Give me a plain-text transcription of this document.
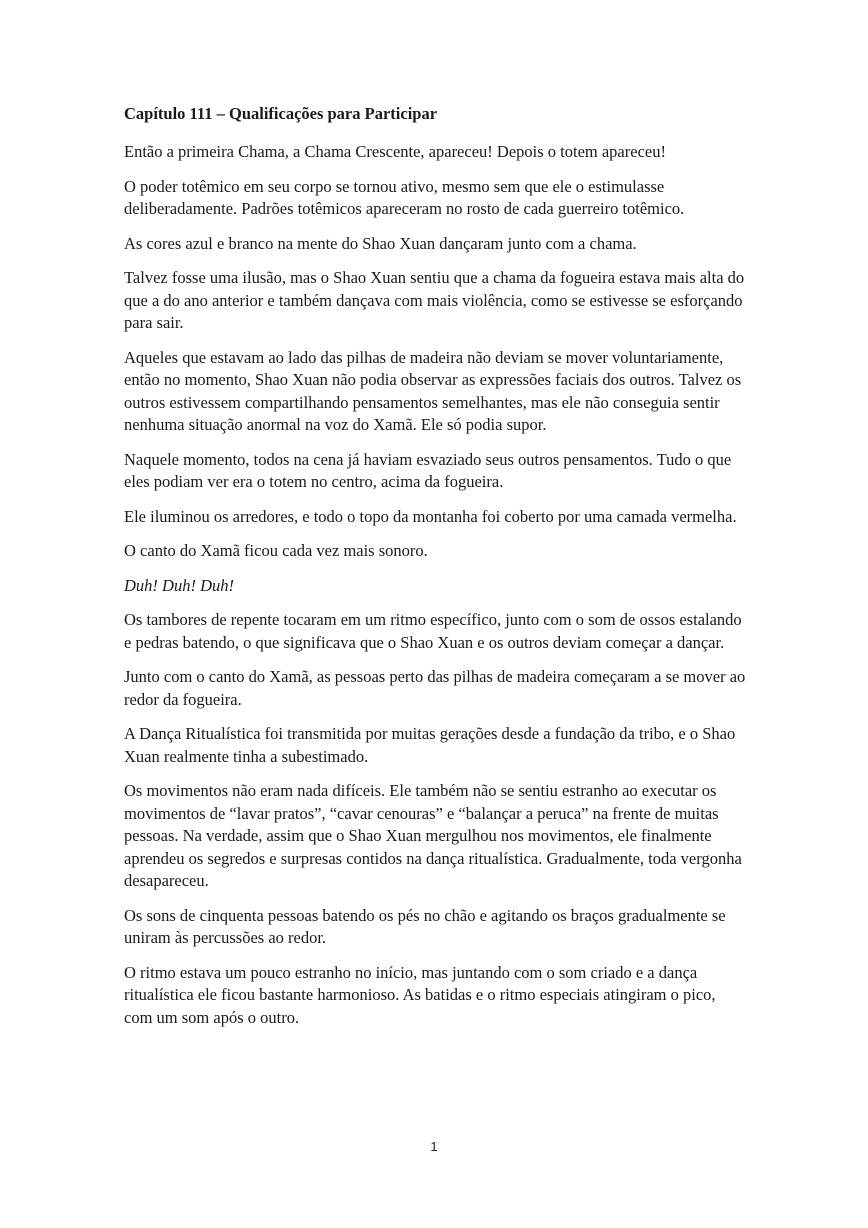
Capítulo 111 – Qualificações para Participar

Então a primeira Chama, a Chama Crescente, apareceu! Depois o totem apareceu!

O poder totêmico em seu corpo se tornou ativo, mesmo sem que ele o estimulasse deliberadamente. Padrões totêmicos apareceram no rosto de cada guerreiro totêmico.

As cores azul e branco na mente do Shao Xuan dançaram junto com a chama.

Talvez fosse uma ilusão, mas o Shao Xuan sentiu que a chama da fogueira estava mais alta do que a do ano anterior e também dançava com mais violência, como se estivesse se esforçando para sair.

Aqueles que estavam ao lado das pilhas de madeira não deviam se mover voluntariamente, então no momento, Shao Xuan não podia observar as expressões faciais dos outros. Talvez os outros estivessem compartilhando pensamentos semelhantes, mas ele não conseguia sentir nenhuma situação anormal na voz do Xamã. Ele só podia supor.

Naquele momento, todos na cena já haviam esvaziado seus outros pensamentos. Tudo o que eles podiam ver era o totem no centro, acima da fogueira.

Ele iluminou os arredores, e todo o topo da montanha foi coberto por uma camada vermelha.

O canto do Xamã ficou cada vez mais sonoro.

Duh! Duh! Duh!

Os tambores de repente tocaram em um ritmo específico, junto com o som de ossos estalando e pedras batendo, o que significava que o Shao Xuan e os outros deviam começar a dançar.

Junto com o canto do Xamã, as pessoas perto das pilhas de madeira começaram a se mover ao redor da fogueira.

A Dança Ritualística foi transmitida por muitas gerações desde a fundação da tribo, e o Shao Xuan realmente tinha a subestimado.

Os movimentos não eram nada difíceis. Ele também não se sentiu estranho ao executar os movimentos de “lavar pratos”, “cavar cenouras” e “balançar a peruca” na frente de muitas pessoas. Na verdade, assim que o Shao Xuan mergulhou nos movimentos, ele finalmente aprendeu os segredos e surpresas contidos na dança ritualística. Gradualmente, toda vergonha desapareceu.

Os sons de cinquenta pessoas batendo os pés no chão e agitando os braços gradualmente se uniram às percussões ao redor.

O ritmo estava um pouco estranho no início, mas juntando com o som criado e a dança ritualística ele ficou bastante harmonioso. As batidas e o ritmo especiais atingiram o pico, com um som após o outro.

1
